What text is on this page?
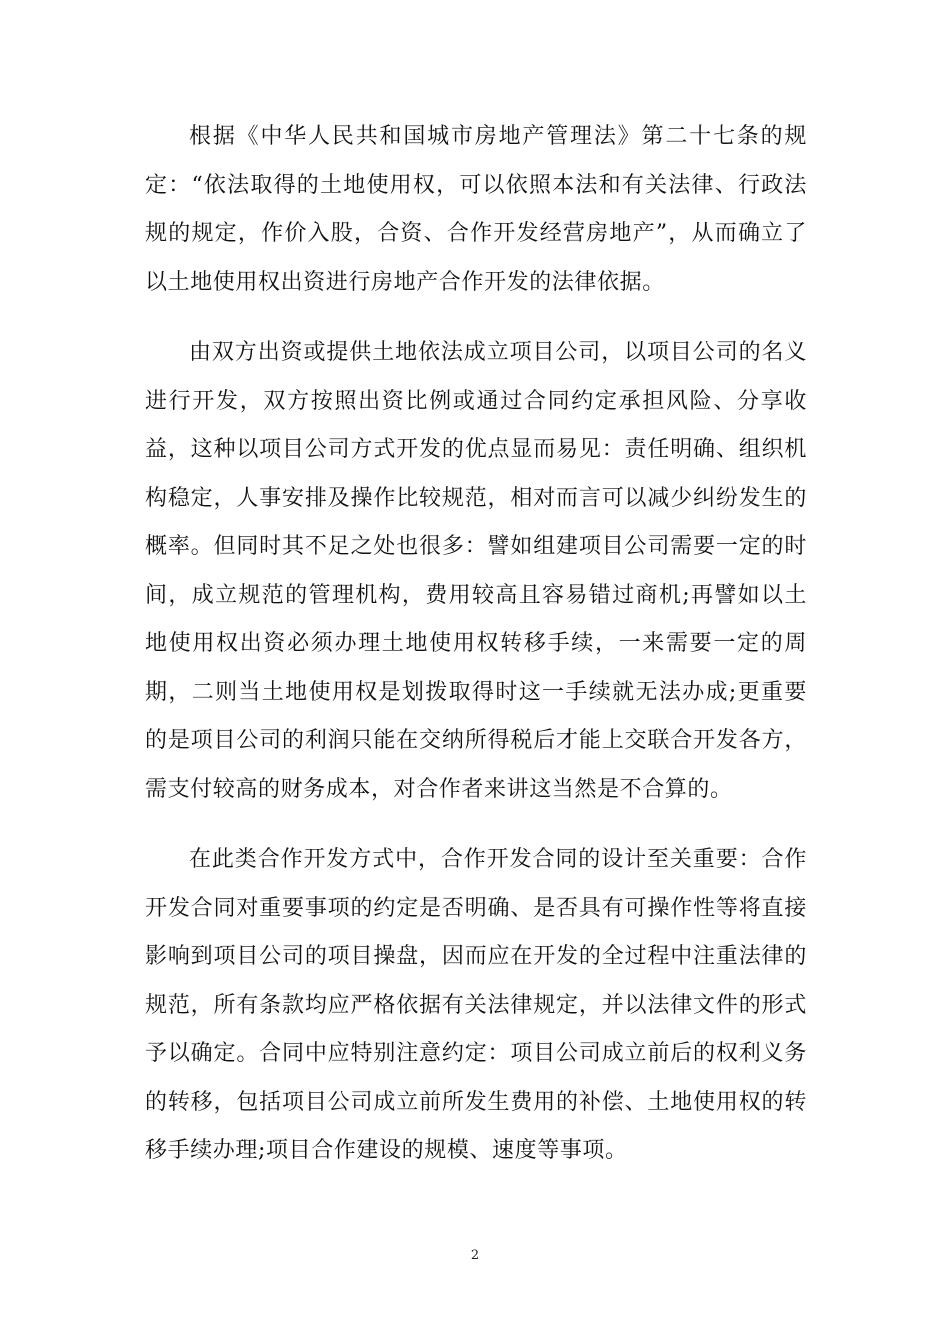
根据《中华人民共和国城市房地产管理法》第二十七条的规定：“依法取得的土地使用权，可以依照本法和有关法律、行政法规的规定，作价入股，合资、合作开发经营房地产”，从而确立了以土地使用权出资进行房地产合作开发的法律依据。

由双方出资或提供土地依法成立项目公司，以项目公司的名义进行开发，双方按照出资比例或通过合同约定承担风险、分享收益，这种以项目公司方式开发的优点显而易见：责任明确、组织机构稳定，人事安排及操作比较规范，相对而言可以减少纠纷发生的概率。但同时其不足之处也很多：譬如组建项目公司需要一定的时间，成立规范的管理机构，费用较高且容易错过商机;再譬如以土地使用权出资必须办理土地使用权转移手续，一来需要一定的周期，二则当土地使用权是划拨取得时这一手续就无法办成;更重要的是项目公司的利润只能在交纳所得税后才能上交联合开发各方，需支付较高的财务成本，对合作者来讲这当然是不合算的。

在此类合作开发方式中，合作开发合同的设计至关重要：合作开发合同对重要事项的约定是否明确、是否具有可操作性等将直接影响到项目公司的项目操盘，因而应在开发的全过程中注重法律的规范，所有条款均应严格依据有关法律规定，并以法律文件的形式予以确定。合同中应特别注意约定：项目公司成立前后的权利义务的转移，包括项目公司成立前所发生费用的补偿、土地使用权的转移手续办理;项目合作建设的规模、速度等事项。

2
